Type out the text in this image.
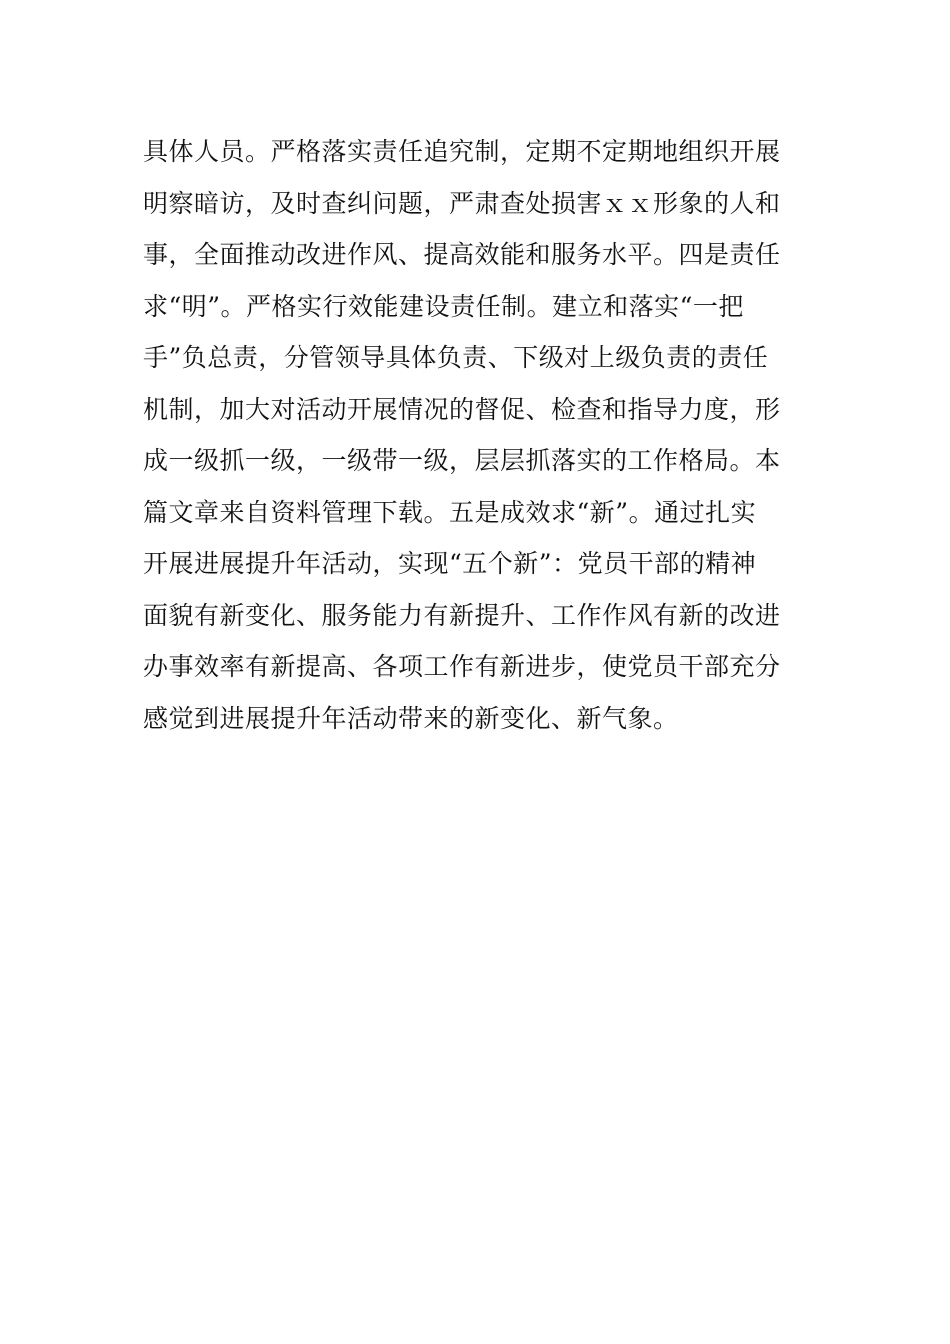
具体人员。严格落实责任追究制，定期不定期地组织开展
明察暗访，及时查纠问题，严肃查处损害ｘｘ形象的人和
事，全面推动改进作风、提高效能和服务水平。四是责任
求“明”。严格实行效能建设责任制。建立和落实“一把
手”负总责，分管领导具体负责、下级对上级负责的责任
机制，加大对活动开展情况的督促、检查和指导力度，形
成一级抓一级，一级带一级，层层抓落实的工作格局。本
篇文章来自资料管理下载。五是成效求“新”。通过扎实
开展进展提升年活动，实现“五个新”：党员干部的精神
面貌有新变化、服务能力有新提升、工作作风有新的改进
办事效率有新提高、各项工作有新进步，使党员干部充分
感觉到进展提升年活动带来的新变化、新气象。
